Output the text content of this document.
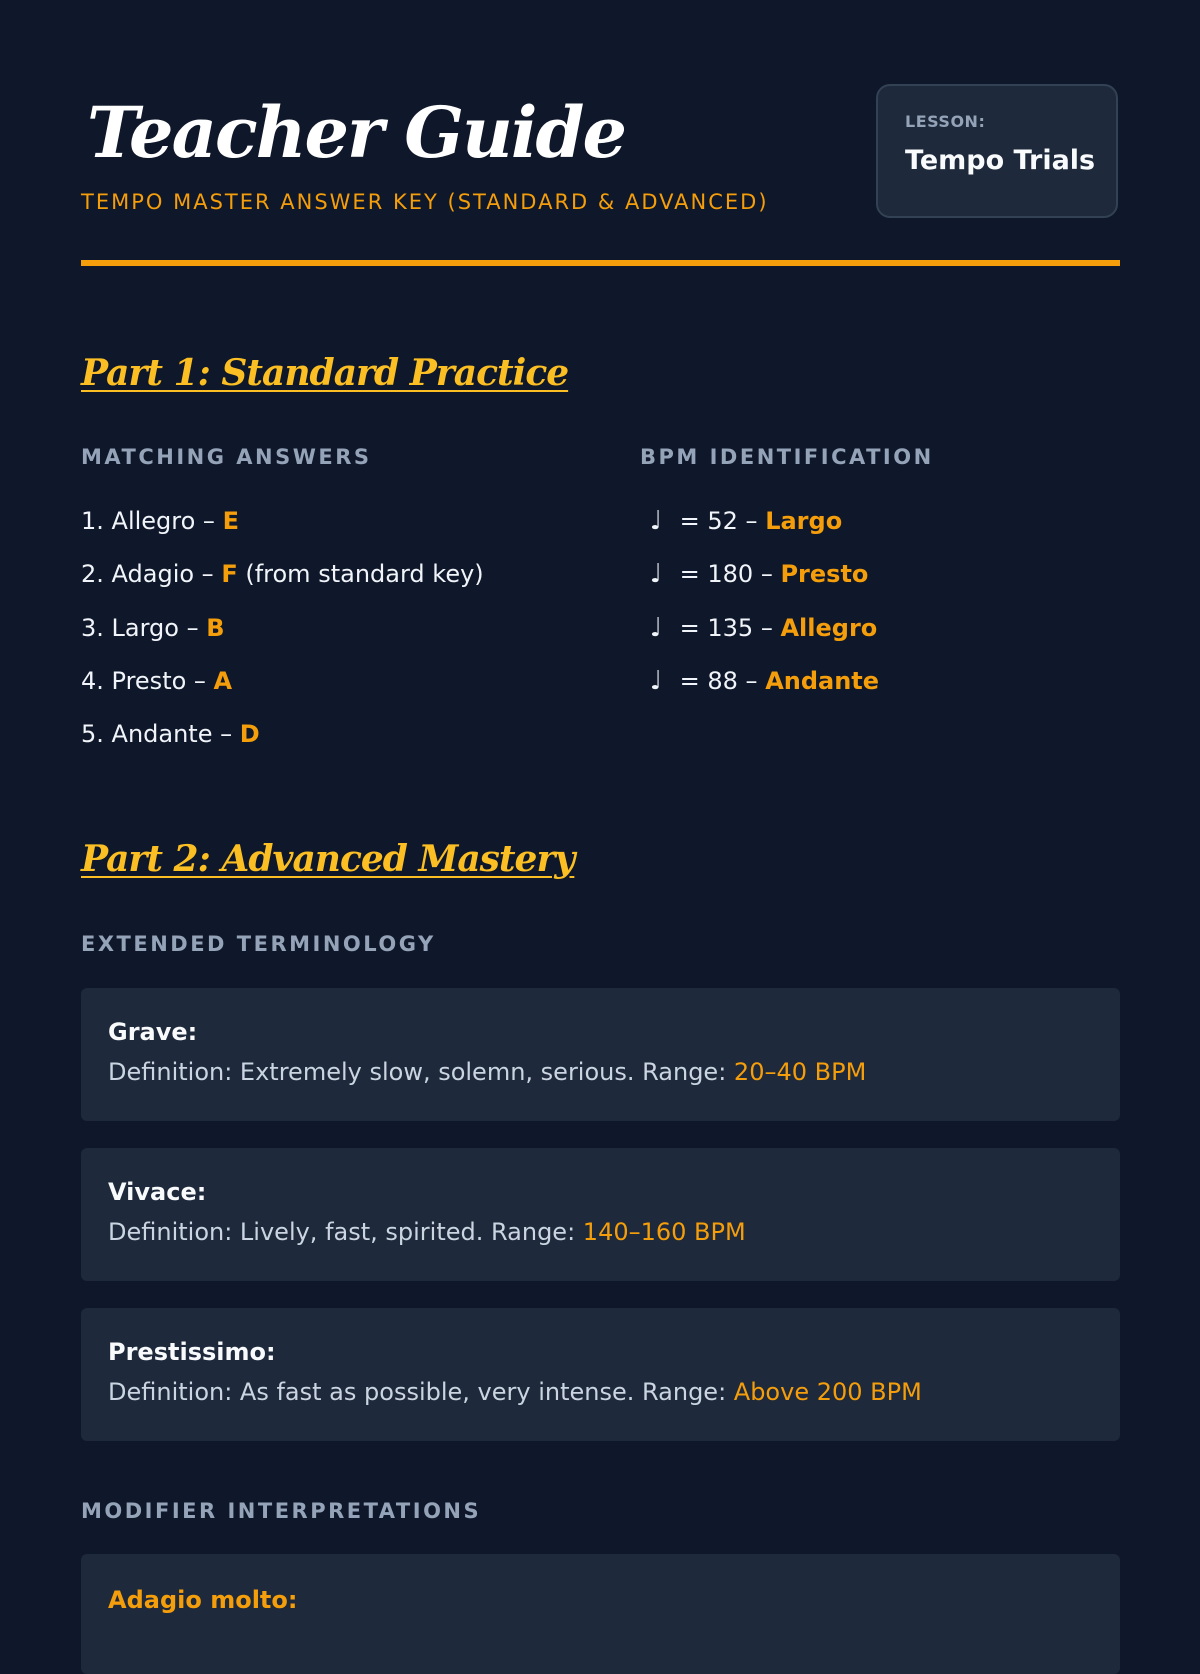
Teacher Guide
TEMPO MASTER ANSWER KEY (STANDARD & ADVANCED)
LESSON:
Tempo Trials
Part 1: Standard Practice
MATCHING ANSWERS
1. Allegro – E
2. Adagio – F (from standard key)
3. Largo – B
4. Presto – A
5. Andante – D
BPM IDENTIFICATION
♩ = 52 – Largo
♩ = 180 – Presto
♩ = 135 – Allegro
♩ = 88 – Andante
Part 2: Advanced Mastery
EXTENDED TERMINOLOGY
Grave:
Definition: Extremely slow, solemn, serious. Range: 20–40 BPM
Vivace:
Definition: Lively, fast, spirited. Range: 140–160 BPM
Prestissimo:
Definition: As fast as possible, very intense. Range: Above 200 BPM
MODIFIER INTERPRETATIONS
Adagio molto:
